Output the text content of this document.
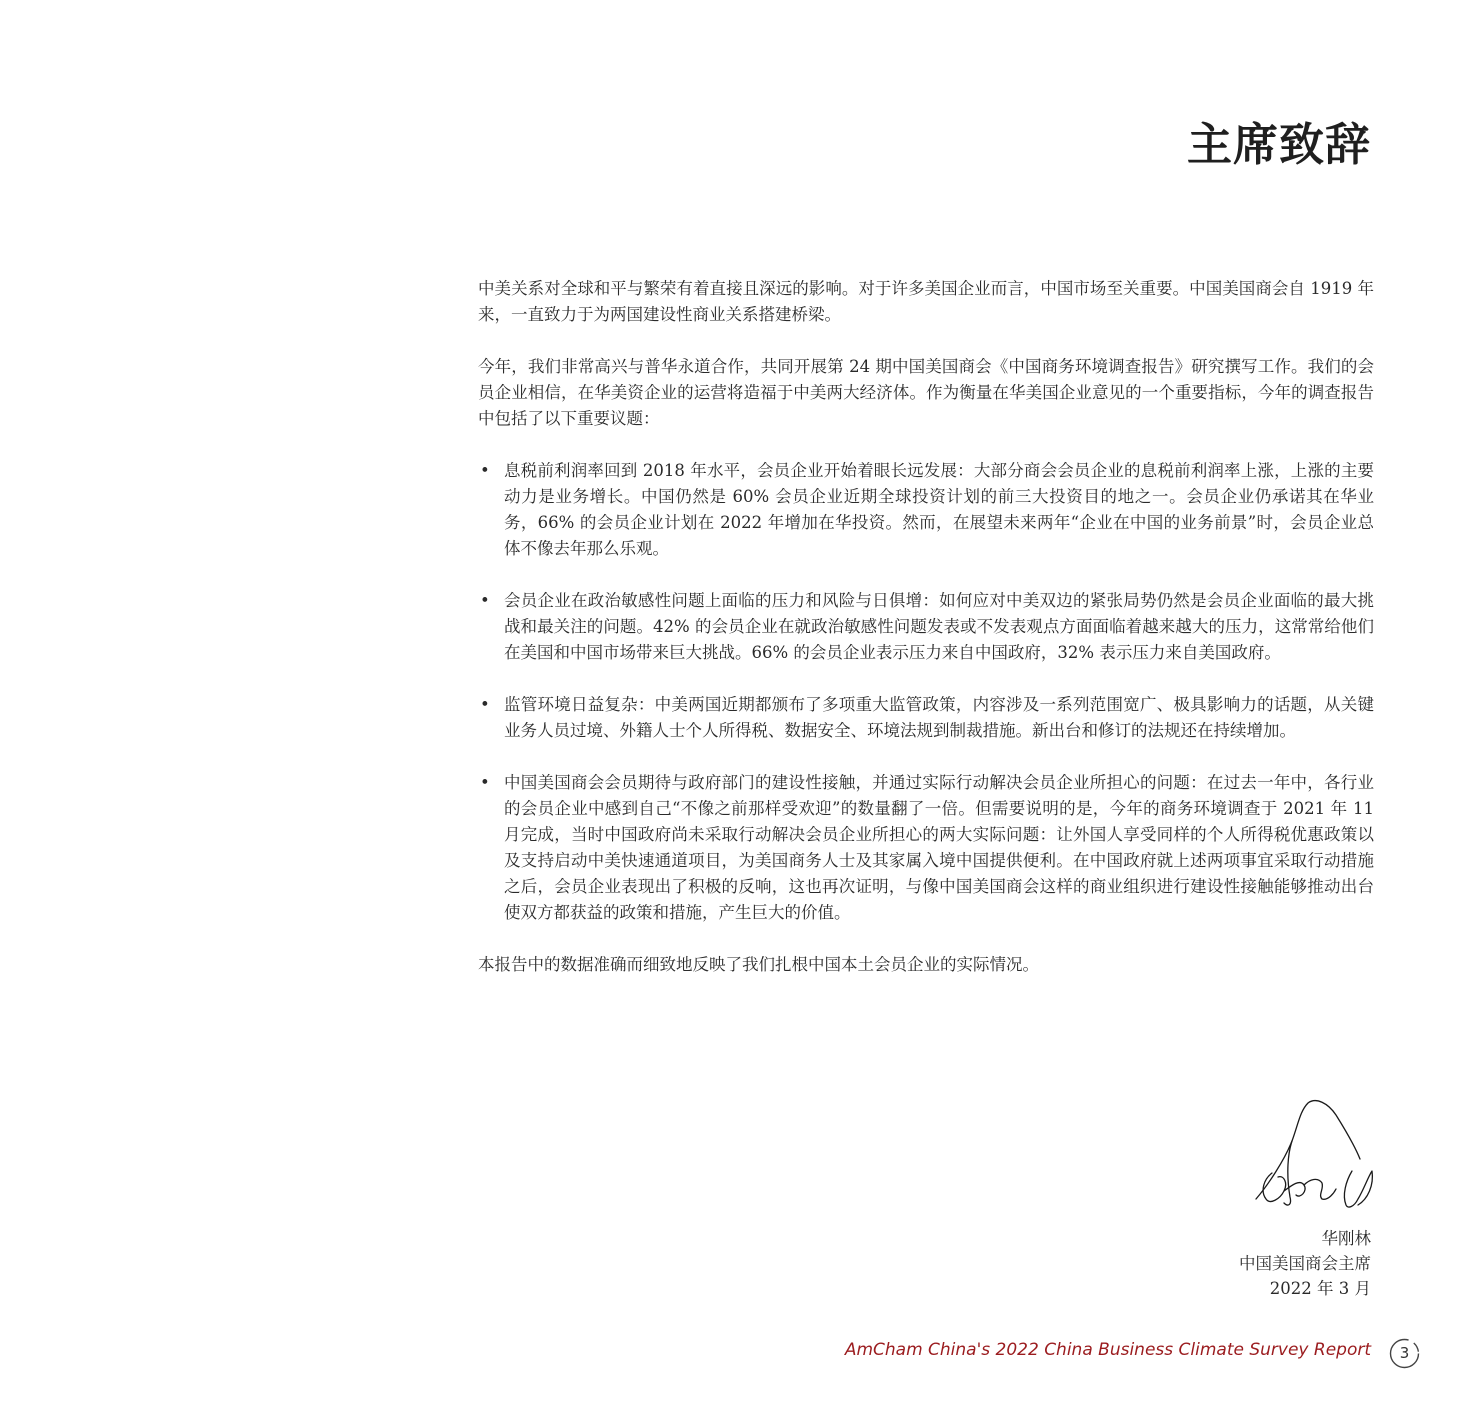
主席致辞

中美关系对全球和平与繁荣有着直接且深远的影响。对于许多美国企业而言，中国市场至关重要。中国美国商会自 1919 年来，一直致力于为两国建设性商业关系搭建桥梁。

今年，我们非常高兴与普华永道合作，共同开展第 24 期中国美国商会《中国商务环境调查报告》研究撰写工作。我们的会员企业相信，在华美资企业的运营将造福于中美两大经济体。作为衡量在华美国企业意见的一个重要指标，今年的调查报告中包括了以下重要议题：

• 息税前利润率回到 2018 年水平，会员企业开始着眼长远发展：大部分商会会员企业的息税前利润率上涨，上涨的主要动力是业务增长。中国仍然是 60% 会员企业近期全球投资计划的前三大投资目的地之一。会员企业仍承诺其在华业务，66% 的会员企业计划在 2022 年增加在华投资。然而，在展望未来两年“企业在中国的业务前景”时，会员企业总体不像去年那么乐观。
• 会员企业在政治敏感性问题上面临的压力和风险与日俱增：如何应对中美双边的紧张局势仍然是会员企业面临的最大挑战和最关注的问题。42% 的会员企业在就政治敏感性问题发表或不发表观点方面面临着越来越大的压力，这常常给他们在美国和中国市场带来巨大挑战。66% 的会员企业表示压力来自中国政府，32% 表示压力来自美国政府。
• 监管环境日益复杂：中美两国近期都颁布了多项重大监管政策，内容涉及一系列范围宽广、极具影响力的话题，从关键业务人员过境、外籍人士个人所得税、数据安全、环境法规到制裁措施。新出台和修订的法规还在持续增加。
• 中国美国商会会员期待与政府部门的建设性接触，并通过实际行动解决会员企业所担心的问题：在过去一年中，各行业的会员企业中感到自己“不像之前那样受欢迎”的数量翻了一倍。但需要说明的是，今年的商务环境调查于 2021 年 11 月完成，当时中国政府尚未采取行动解决会员企业所担心的两大实际问题：让外国人享受同样的个人所得税优惠政策以及支持启动中美快速通道项目，为美国商务人士及其家属入境中国提供便利。在中国政府就上述两项事宜采取行动措施之后，会员企业表现出了积极的反响，这也再次证明，与像中国美国商会这样的商业组织进行建设性接触能够推动出台使双方都获益的政策和措施，产生巨大的价值。

本报告中的数据准确而细致地反映了我们扎根中国本土会员企业的实际情况。

华刚林
中国美国商会主席
2022 年 3 月
AmCham China's 2022 China Business Climate Survey Report	3
